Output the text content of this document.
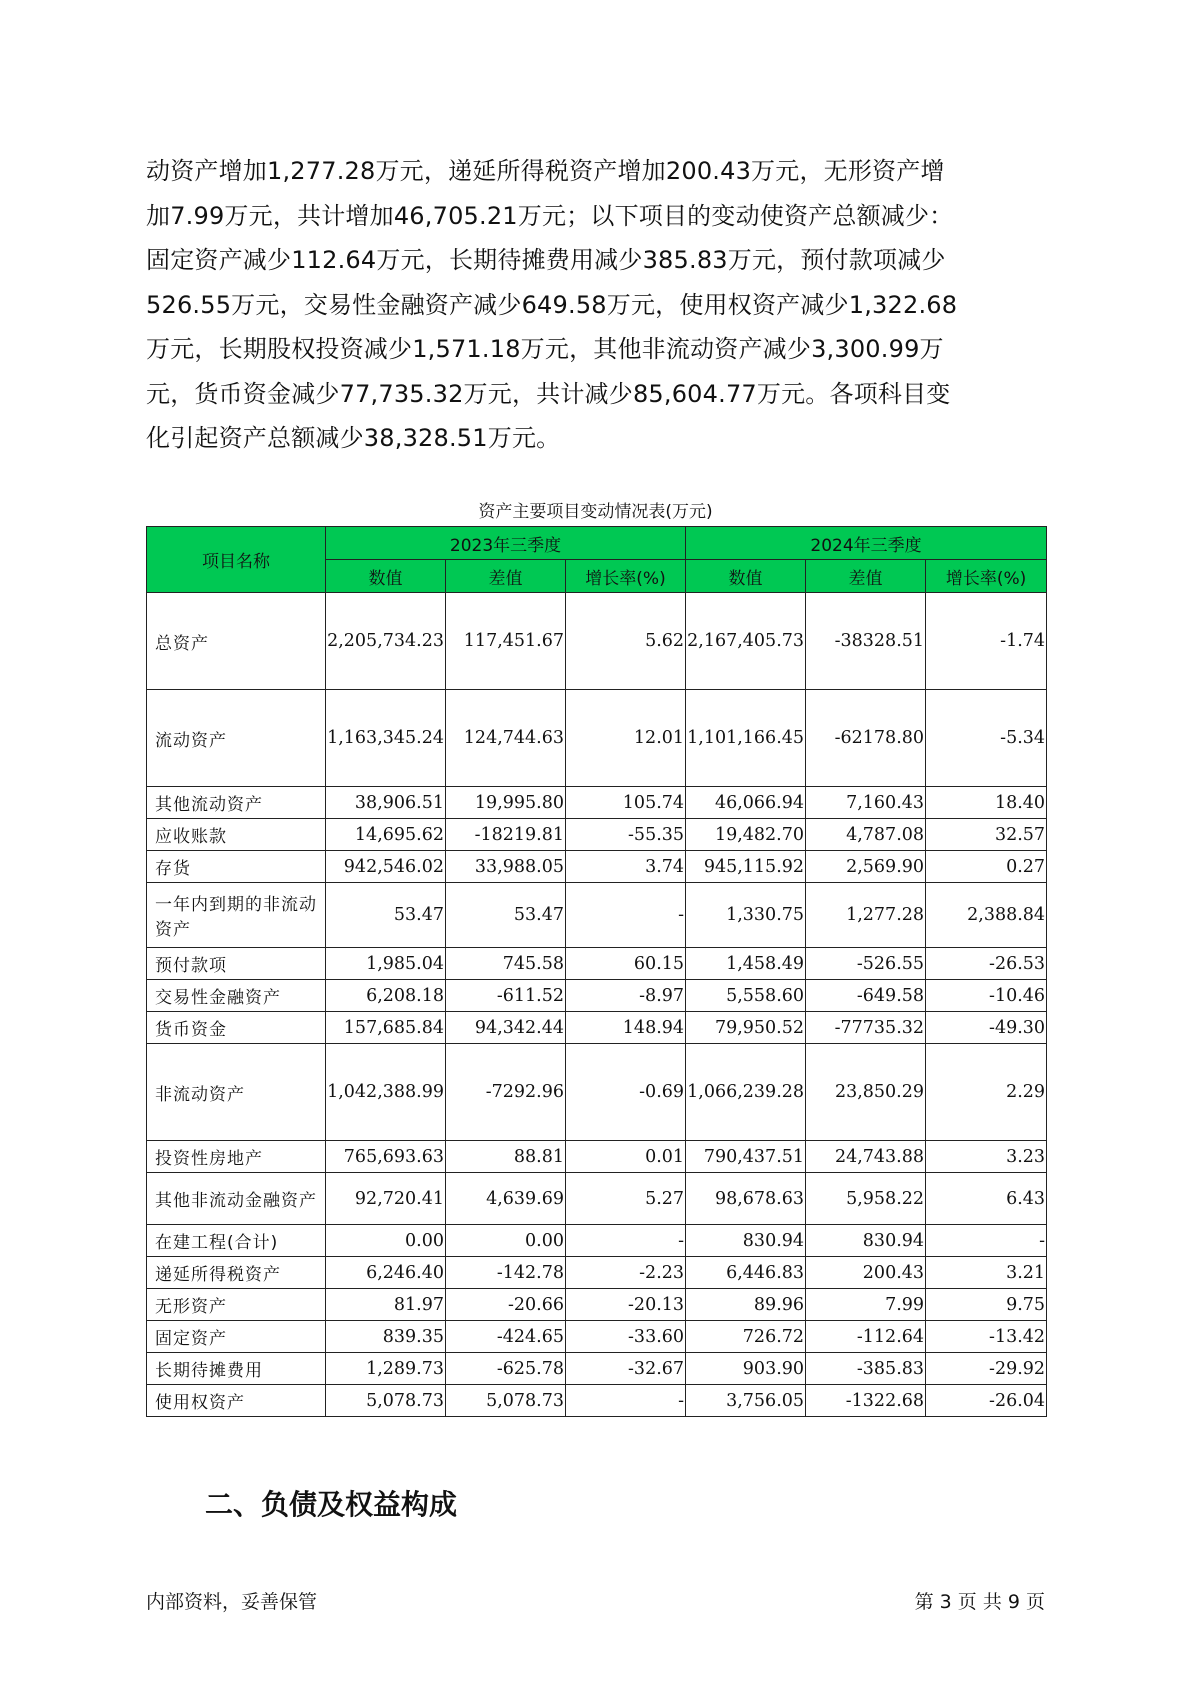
动资产增加1,277.28万元，递延所得税资产增加200.43万元，无形资产增
加7.99万元，共计增加46,705.21万元；以下项目的变动使资产总额减少：
固定资产减少112.64万元，长期待摊费用减少385.83万元，预付款项减少
526.55万元，交易性金融资产减少649.58万元，使用权资产减少1,322.68
万元，长期股权投资减少1,571.18万元，其他非流动资产减少3,300.99万
元，货币资金减少77,735.32万元，共计减少85,604.77万元。各项科目变
化引起资产总额减少38,328.51万元。
资产主要项目变动情况表(万元)
项目名称	2023年三季度			2024年三季度		
	数值	差值	增长率(%)	数值	差值	增长率(%)
总资产	2,205,734.23	117,451.67	5.62	2,167,405.73	-38328.51	-1.74
流动资产	1,163,345.24	124,744.63	12.01	1,101,166.45	-62178.80	-5.34
其他流动资产	38,906.51	19,995.80	105.74	46,066.94	7,160.43	18.40
应收账款	14,695.62	-18219.81	-55.35	19,482.70	4,787.08	32.57
存货	942,546.02	33,988.05	3.74	945,115.92	2,569.90	0.27
一年内到期的非流动资产	53.47	53.47	-	1,330.75	1,277.28	2,388.84
预付款项	1,985.04	745.58	60.15	1,458.49	-526.55	-26.53
交易性金融资产	6,208.18	-611.52	-8.97	5,558.60	-649.58	-10.46
货币资金	157,685.84	94,342.44	148.94	79,950.52	-77735.32	-49.30
非流动资产	1,042,388.99	-7292.96	-0.69	1,066,239.28	23,850.29	2.29
投资性房地产	765,693.63	88.81	0.01	790,437.51	24,743.88	3.23
其他非流动金融资产	92,720.41	4,639.69	5.27	98,678.63	5,958.22	6.43
在建工程(合计)	0.00	0.00	-	830.94	830.94	-
递延所得税资产	6,246.40	-142.78	-2.23	6,446.83	200.43	3.21
无形资产	81.97	-20.66	-20.13	89.96	7.99	9.75
固定资产	839.35	-424.65	-33.60	726.72	-112.64	-13.42
长期待摊费用	1,289.73	-625.78	-32.67	903.90	-385.83	-29.92
使用权资产	5,078.73	5,078.73	-	3,756.05	-1322.68	-26.04
二、负债及权益构成
内部资料，妥善保管	第 3 页 共 9 页
